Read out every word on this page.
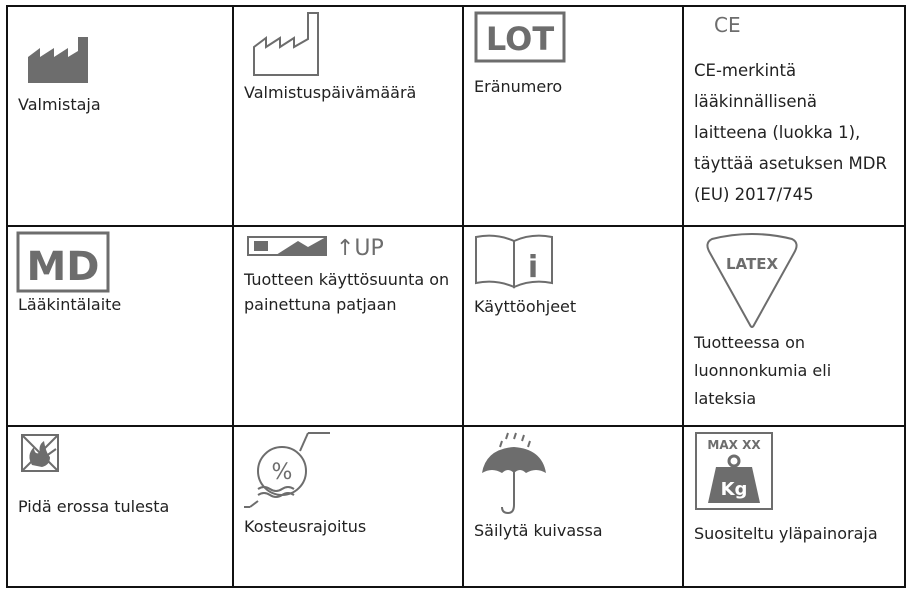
Valmistaja
Valmistuspäivämäärä
LOT
Eränumero
CE
CE-merkintä lääkinnällisenä laitteena (luokka 1), täyttää asetuksen MDR (EU) 2017/745
MD
Lääkintälaite
↑UP
Tuotteen käyttösuunta on painettuna patjaan
i
Käyttöohjeet
LATEX
Tuotteessa on luonnonkumia eli lateksia
Pidä erossa tulesta
%
Kosteusrajoitus	Säilytä kuivassa
MAX XX
Kg
Suositeltu yläpainoraja
